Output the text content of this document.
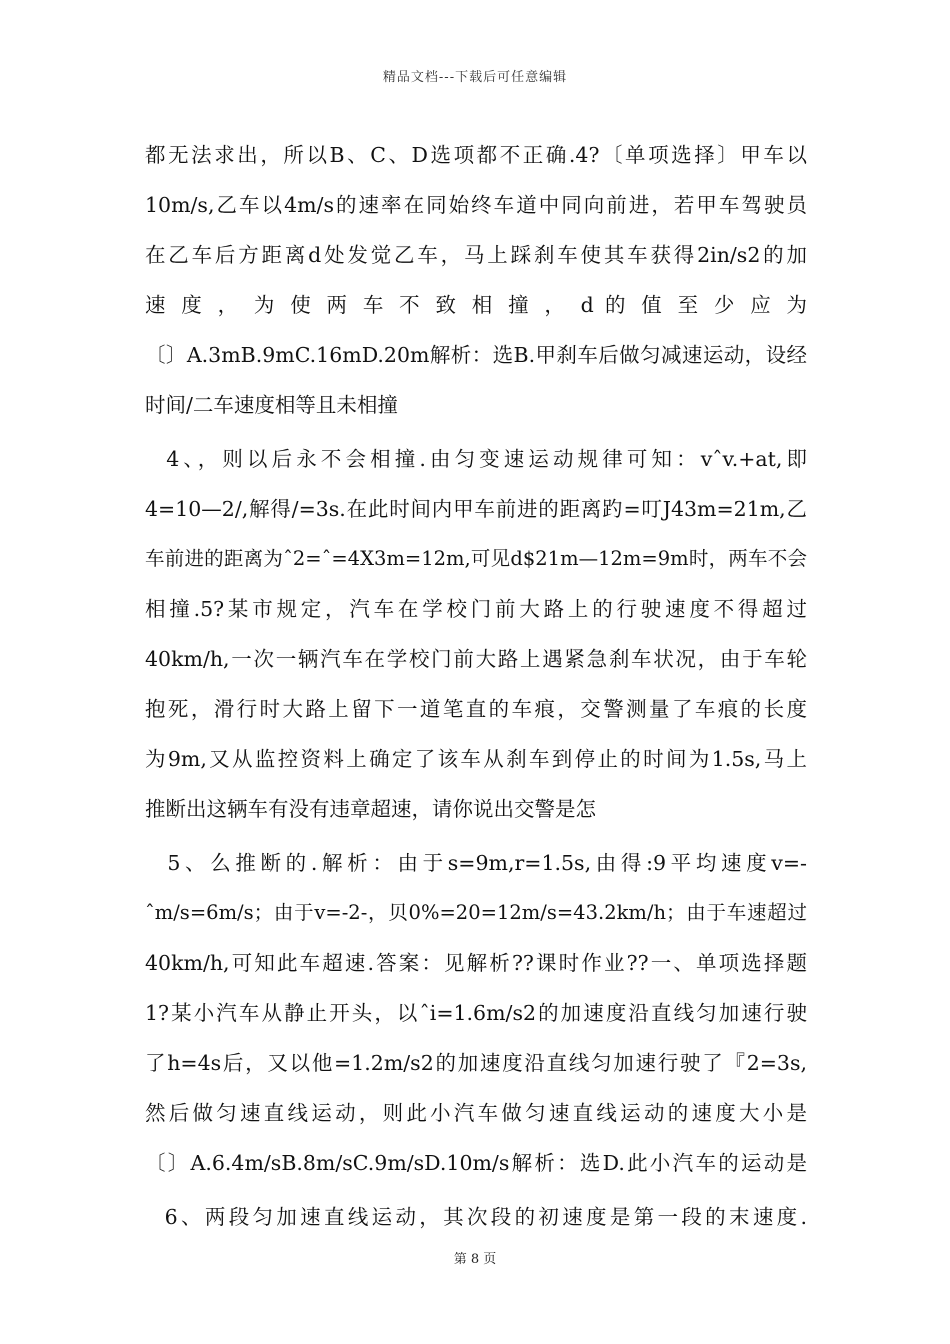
精品文档---下载后可任意编辑
都无法求出，所以B、C、D选项都不正确.4?〔单项选择〕甲车以
10m/s,乙车以4m/s的速率在同始终车道中同向前进，若甲车驾驶员
在乙车后方距离d处发觉乙车，马上踩刹车使其车获得2in/s2的加
速 度 ， 为 使 两 车 不 致 相 撞 ， d 的 值 至 少 应 为
〔〕A.3mB.9mC.16mD.20m解析：选B.甲刹车后做匀减速运动，设经
时间/二车速度相等且未相撞
4、，则以后永不会相撞.由匀变速运动规律可知：vˆv.+at,即
4=10—2/,解得/=3s.在此时间内甲车前进的距离趵=叮J43m=21m,乙
车前进的距离为ˆ2=ˆ=4X3m=12m,可见d$21m—12m=9m时，两车不会
相撞.5?某市规定，汽车在学校门前大路上的行驶速度不得超过
40km/h,一次一辆汽车在学校门前大路上遇紧急刹车状况，由于车轮
抱死，滑行时大路上留下一道笔直的车痕，交警测量了车痕的长度
为9m,又从监控资料上确定了该车从刹车到停止的时间为1.5s,马上
推断出这辆车有没有违章超速，请你说出交警是怎
5、么推断的.解析：由于s=9m,r=1.5s,由得:9平均速度v=-
ˆm/s=6m/s；由于v=-2-，贝0%=20=12m/s=43.2km/h；由于车速超过
40km/h,可知此车超速.答案：见解析??课时作业??一、单项选择题
1?某小汽车从静止开头，以ˆi=1.6m/s2的加速度沿直线匀加速行驶
了h=4s后，又以他=1.2m/s2的加速度沿直线匀加速行驶了『2=3s,
然后做匀速直线运动，则此小汽车做匀速直线运动的速度大小是
〔〕A.6.4m/sB.8m/sC.9m/sD.10m/s解析：选D.此小汽车的运动是
6、两段匀加速直线运动，其次段的初速度是第一段的末速度.
第 8 页
